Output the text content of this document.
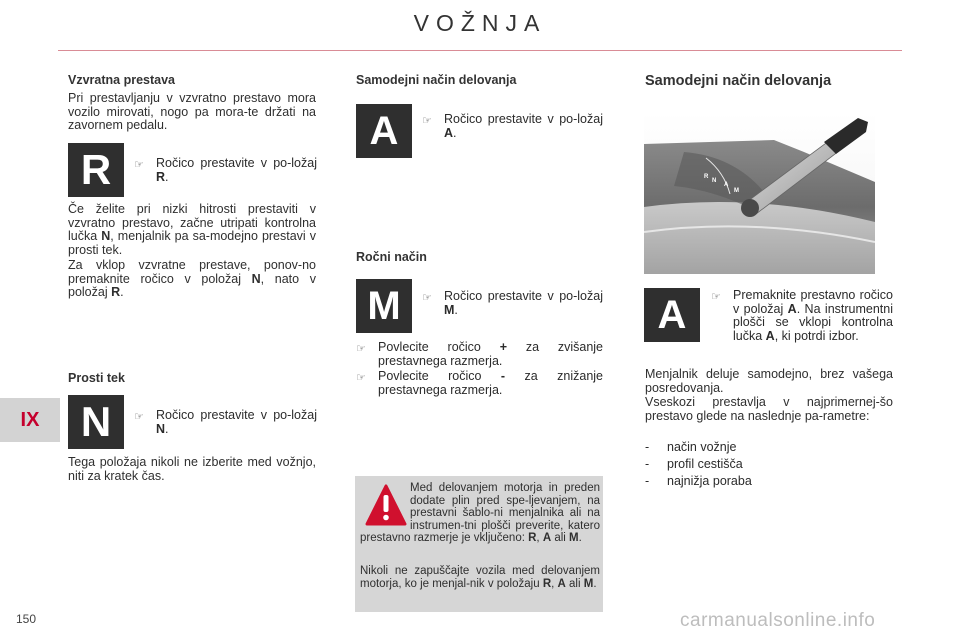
VOŽNJA
IX
150	carmanualsonline.info
Vzvratna prestava
Pri prestavljanju v vzvratno prestavo mora vozilo mirovati, nogo pa mora-te držati na zavornem pedalu.
R ☞ Ročico prestavite v po-ložaj R.
Če želite pri nizki hitrosti prestaviti v vzvratno prestavo, začne utripati kontrolna lučka N, menjalnik pa sa-modejno prestavi v prosti tek.
Za vklop vzvratne prestave, ponov-no premaknite ročico v položaj N, nato v položaj R.
Prosti tek
N ☞ Ročico prestavite v po-ložaj N.
Tega položaja nikoli ne izberite med vožnjo, niti za kratek čas.
Samodejni način delovanja
A ☞ Ročico prestavite v po-ložaj A.
Ročni način
M ☞ Ročico prestavite v po-ložaj M.
☞ Povlecite ročico + za zvišanje prestavnega razmerja.
☞ Povlecite ročico - za znižanje prestavnega razmerja.
Med delovanjem motorja in preden dodate plin pred spe-ljevanjem, na prestavni šablo-ni menjalnika ali na instrumen-tni plošči preverite, katero prestavno razmerje je vključeno: R, A ali M.
Nikoli ne zapuščajte vozila med delovanjem motorja, ko je menjal-nik v položaju R, A ali M.
Samodejni način delovanja
R
N
A
M
A ☞ Premaknite prestavno ročico v položaj A. Na instrumentni plošči se vklopi kontrolna lučka A, ki potrdi izbor.
Menjalnik deluje samodejno, brez vašega posredovanja.
Vseskozi prestavlja v najprimernej-šo prestavo glede na naslednje pa-rametre:
-	način vožnje
-	profil cestišča
-	najnižja poraba
